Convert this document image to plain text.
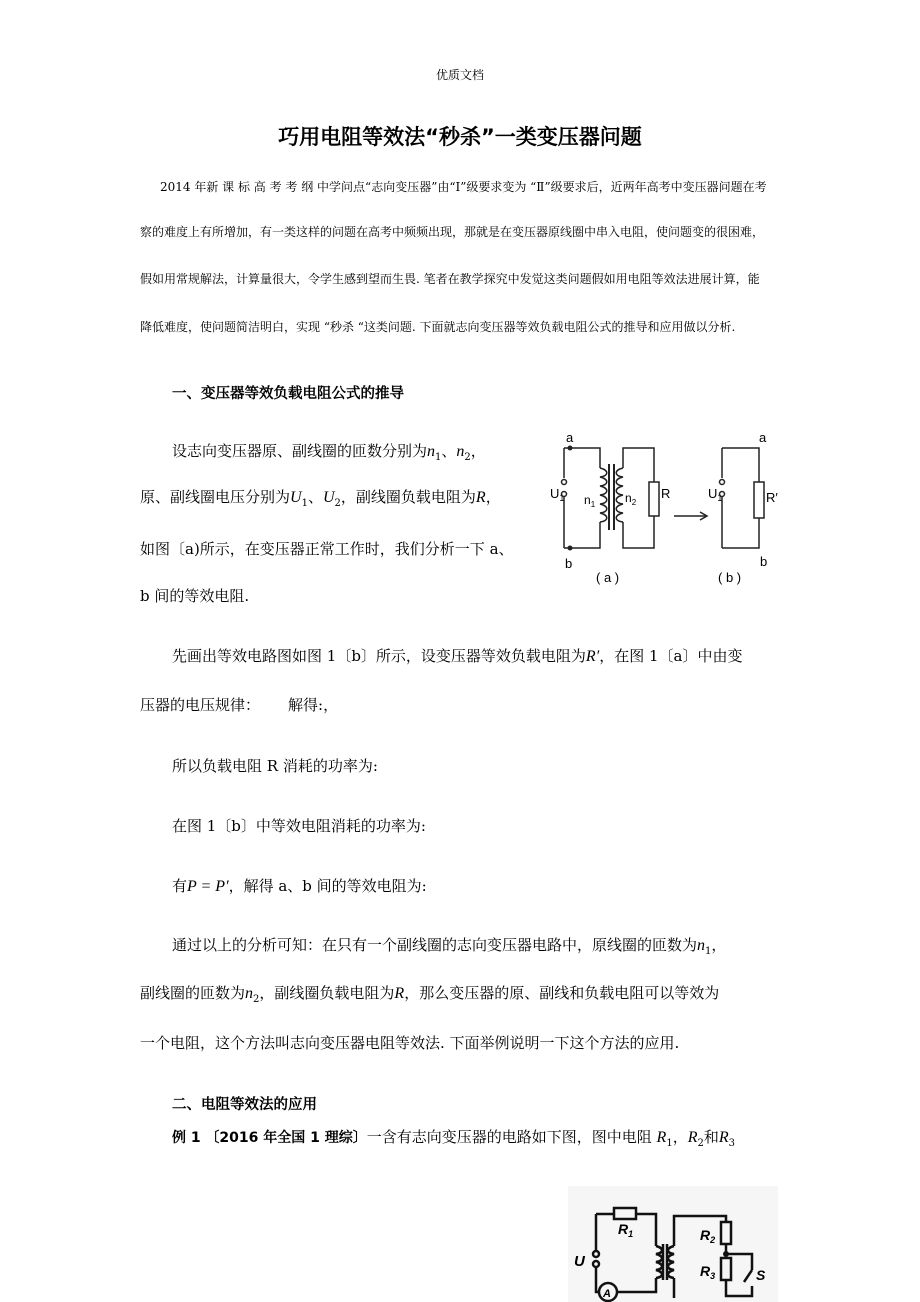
优质文档
巧用电阻等效法“秒杀”一类变压器问题
2014 年新 课 标 高 考 考 纲 中学问点“志向变压器”由“Ⅰ”级要求变为 “Ⅱ”级要求后，近两年高考中变压器问题在考
察的难度上有所增加，有一类这样的问题在高考中频频出现，那就是在变压器原线圈中串入电阻，使问题变的很困难，
假如用常规解法，计算量很大，令学生感到望而生畏. 笔者在教学探究中发觉这类问题假如用电阻等效法进展计算，能
降低难度，使问题简洁明白，实现 “秒杀 “这类问题. 下面就志向变压器等效负载电阻公式的推导和应用做以分析.
一、变压器等效负载电阻公式的推导
设志向变压器原、副线圈的匝数分别为$n_1$、$n_2$，
原、副线圈电压分别为$U_1$、$U_2$，副线圈负载电阻为R，
如图〔a)所示，在变压器正常工作时，我们分析一下 a、
b 间的等效电阻.
a
b
$U_1$ $n_1$ $n_2$
R
( a )
a
b
$U_1$	R′
( b )
先画出等效电路图如图 1〔b〕所示，设变压器等效负载电阻为R′，在图 1〔a〕中由变
压器的电压规律： 解得:，
所以负载电阻 R 消耗的功率为:
在图 1〔b〕中等效电阻消耗的功率为:
有P = P′，解得 a、b 间的等效电阻为:
通过以上的分析可知：在只有一个副线圈的志向变压器电路中，原线圈的匝数为$n_1$，
副线圈的匝数为$n_2$，副线圈负载电阻为R，那么变压器的原、副线和负载电阻可以等效为
一个电阻，这个方法叫志向变压器电阻等效法. 下面举例说明一下这个方法的应用.
二、电阻等效法的应用
例 1 〔2016 年全国 1 理综〕一含有志向变压器的电路如下图，图中电阻 $R_1$，$R_2$和$R_3$
$R_1$	$R_2$
$R_3$
U
S
A
